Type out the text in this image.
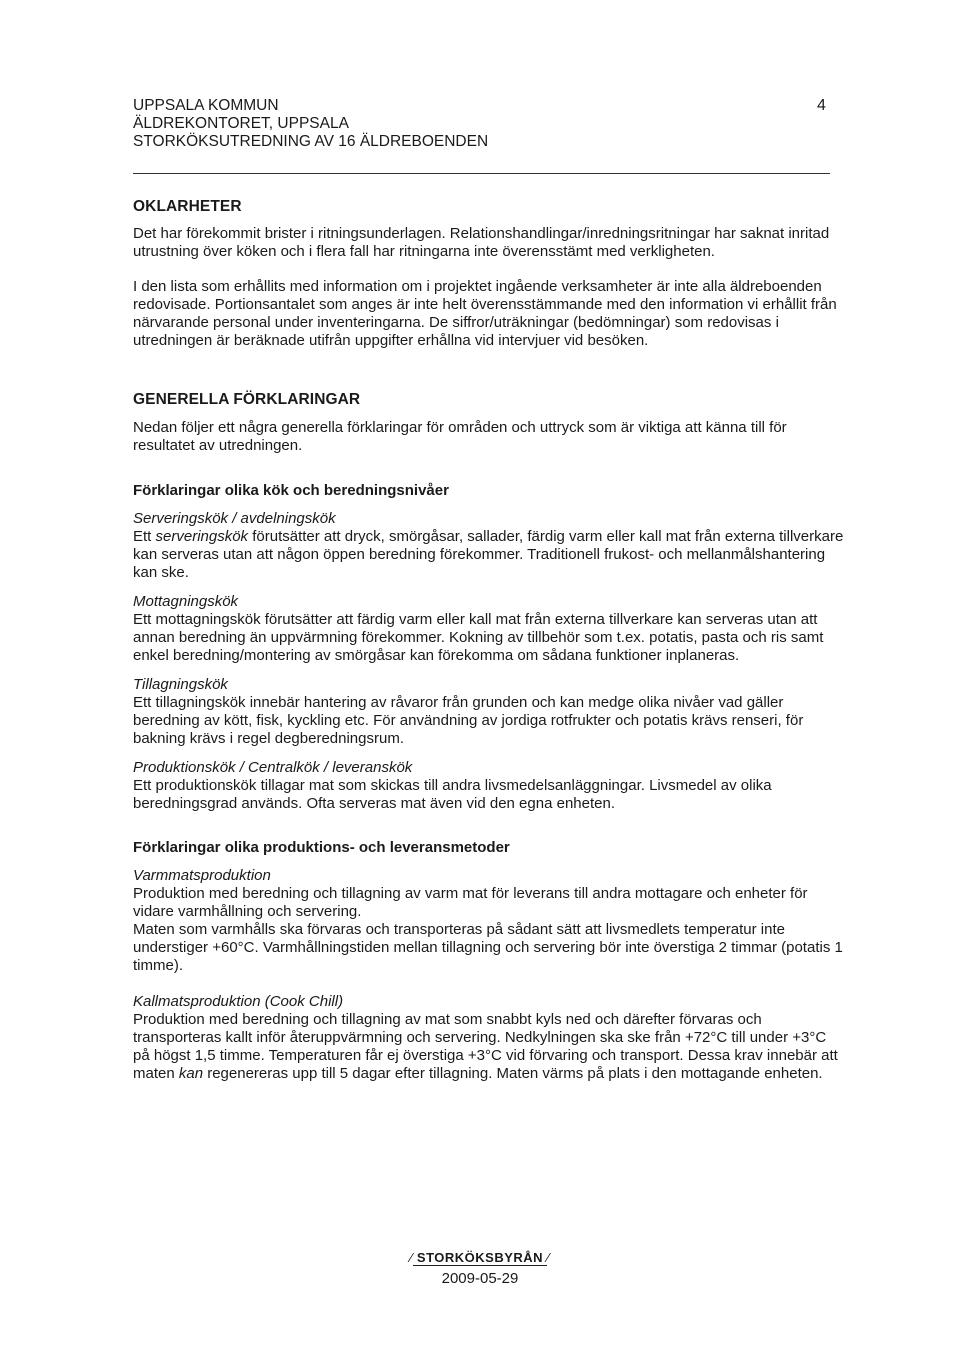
UPPSALA KOMMUN
ÄLDREKONTORET, UPPSALA
STORKÖKSUTREDNING AV 16 ÄLDREBOENDEN
4
OKLARHETER

Det har förekommit brister i ritningsunderlagen. Relationshandlingar/inredningsritningar har saknat inritad utrustning över köken och i flera fall har ritningarna inte överensstämt med verkligheten.

I den lista som erhållits med information om i projektet ingående verksamheter är inte alla äldreboenden redovisade. Portionsantalet som anges är inte helt överensstämmande med den information vi erhållit från närvarande personal under inventeringarna. De siffror/uträkningar (bedömningar) som redovisas i utredningen är beräknade utifrån uppgifter erhållna vid intervjuer vid besöken.

GENERELLA FÖRKLARINGAR

Nedan följer ett några generella förklaringar för områden och uttryck som är viktiga att känna till för resultatet av utredningen.

Förklaringar olika kök och beredningsnivåer
Serveringskök / avdelningskök

Ett serveringskök förutsätter att dryck, smörgåsar, sallader, färdig varm eller kall mat från externa tillverkare kan serveras utan att någon öppen beredning förekommer. Traditionell frukost- och mellanmålshantering kan ske.

Mottagningskök

Ett mottagningskök förutsätter att färdig varm eller kall mat från externa tillverkare kan serveras utan att annan beredning än uppvärmning förekommer. Kokning av tillbehör som t.ex. potatis, pasta och ris samt enkel beredning/montering av smörgåsar kan förekomma om sådana funktioner inplaneras.

Tillagningskök

Ett tillagningskök innebär hantering av råvaror från grunden och kan medge olika nivåer vad gäller beredning av kött, fisk, kyckling etc. För användning av jordiga rotfrukter och potatis krävs renseri, för bakning krävs i regel degberedningsrum.

Produktionskök / Centralkök / leveranskök

Ett produktionskök tillagar mat som skickas till andra livsmedelsanläggningar. Livsmedel av olika beredningsgrad används. Ofta serveras mat även vid den egna enheten.

Förklaringar olika produktions- och leveransmetoder
Varmmatsproduktion

Produktion med beredning och tillagning av varm mat för leverans till andra mottagare och enheter för vidare varmhållning och servering.

Maten som varmhålls ska förvaras och transporteras på sådant sätt att livsmedlets temperatur inte understiger +60°C. Varmhållningstiden mellan tillagning och servering bör inte överstiga 2 timmar (potatis 1 timme).

Kallmatsproduktion (Cook Chill)

Produktion med beredning och tillagning av mat som snabbt kyls ned och därefter förvaras och transporteras kallt inför återuppvärmning och servering. Nedkylningen ska ske från +72°C till under +3°C på högst 1,5 timme. Temperaturen får ej överstiga +3°C vid förvaring och transport. Dessa krav innebär att maten kan regenereras upp till 5 dagar efter tillagning. Maten värms på plats i den mottagande enheten.

⁄ STORKÖKSBYRÅN ⁄
2009-05-29
